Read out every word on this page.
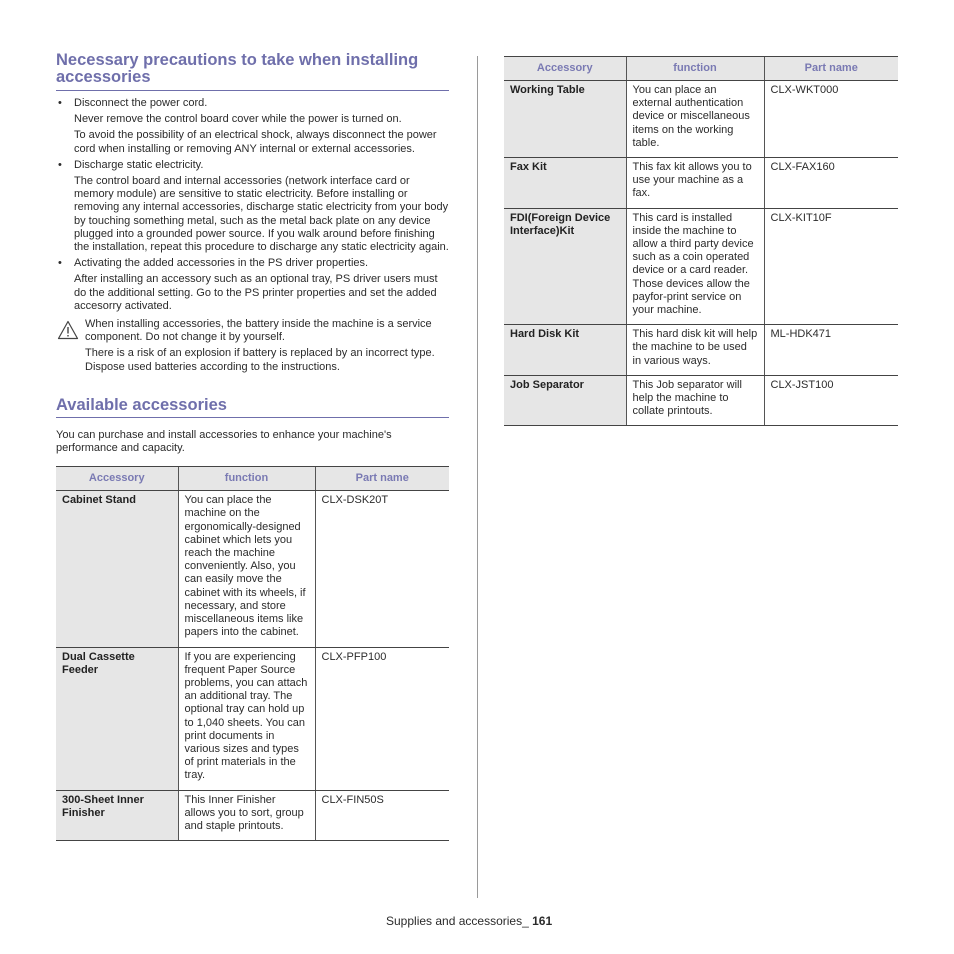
Necessary precautions to take when installing accessories
• Disconnect the power cord.

Never remove the control board cover while the power is turned on.

To avoid the possibility of an electrical shock, always disconnect the power cord when installing or removing ANY internal or external accessories.

• Discharge static electricity.

The control board and internal accessories (network interface card or memory module) are sensitive to static electricity. Before installing or removing any internal accessories, discharge static electricity from your body by touching something metal, such as the metal back plate on any device plugged into a grounded power source. If you walk around before finishing the installation, repeat this procedure to discharge any static electricity again.

• Activating the added accessories in the PS driver properties.

After installing an accessory such as an optional tray, PS driver users must do the additional setting. Go to the PS printer properties and set the added accesorry activated.

When installing accessories, the battery inside the machine is a service component. Do not change it by yourself.

There is a risk of an explosion if battery is replaced by an incorrect type. Dispose used batteries according to the instructions.

Available accessories

You can purchase and install accessories to enhance your machine's performance and capacity.

Accessory	function	Part name
Cabinet Stand	You can place the machine on the ergonomically-designed cabinet which lets you reach the machine conveniently. Also, you can easily move the cabinet with its wheels, if necessary, and store miscellaneous items like papers into the cabinet.	CLX-DSK20T
Dual Cassette Feeder	If you are experiencing frequent Paper Source problems, you can attach an additional tray. The optional tray can hold up to 1,040 sheets. You can print documents in various sizes and types of print materials in the tray.	CLX-PFP100
300-Sheet Inner Finisher	This Inner Finisher allows you to sort, group and staple printouts.	CLX-FIN50S
Accessory	function	Part name
Working Table	You can place an external authentication device or miscellaneous items on the working table.	CLX-WKT000
Fax Kit	This fax kit allows you to use your machine as a fax.	CLX-FAX160
FDI(Foreign Device Interface)Kit	This card is installed inside the machine to allow a third party device such as a coin operated device or a card reader. Those devices allow the payfor-print service on your machine.	CLX-KIT10F
Hard Disk Kit	This hard disk kit will help the machine to be used in various ways.	ML-HDK471
Job Separator	This Job separator will help the machine to collate printouts.	CLX-JST100
Supplies and accessories_ 161
